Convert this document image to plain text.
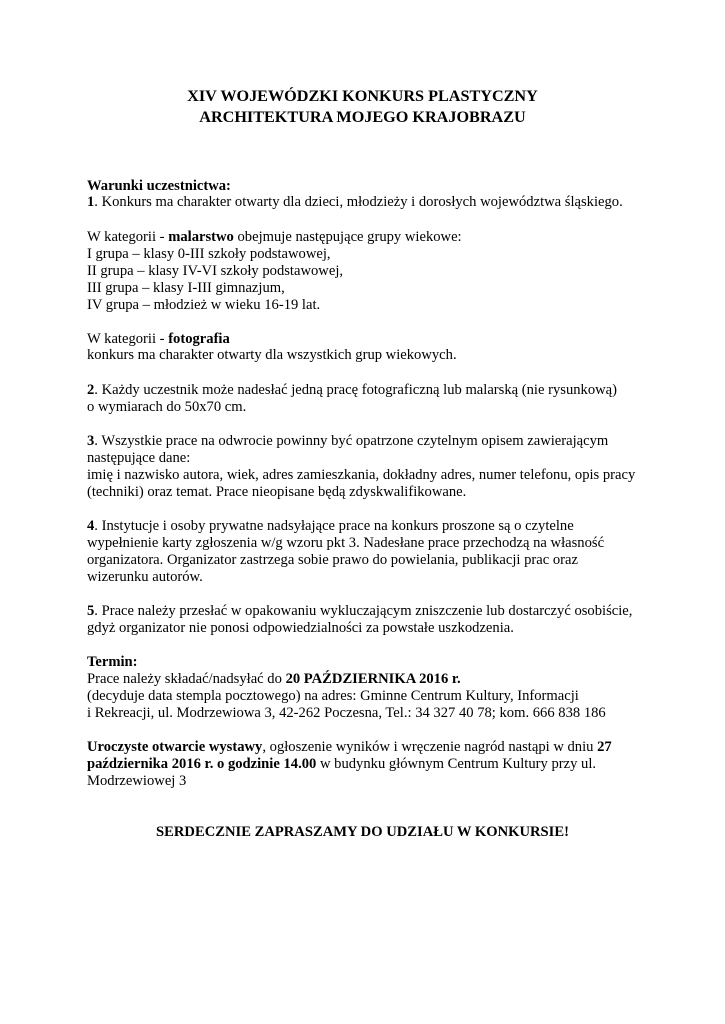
XIV WOJEWÓDZKI KONKURS PLASTYCZNY
ARCHITEKTURA MOJEGO KRAJOBRAZU
Warunki uczestnictwa:
1. Konkurs ma charakter otwarty dla dzieci, młodzieży i dorosłych województwa śląskiego.
W kategorii - malarstwo obejmuje następujące grupy wiekowe:
I grupa – klasy 0-III szkoły podstawowej,
II grupa – klasy IV-VI szkoły podstawowej,
III grupa – klasy I-III gimnazjum,
IV grupa – młodzież w wieku 16-19 lat.
W kategorii - fotografia
konkurs ma charakter otwarty dla wszystkich grup wiekowych.
2. Każdy uczestnik może nadesłać jedną pracę fotograficzną lub malarską (nie rysunkową)
o wymiarach do 50x70 cm.
3. Wszystkie prace na odwrocie powinny być opatrzone czytelnym opisem zawierającym
następujące dane:
imię i nazwisko autora, wiek, adres zamieszkania, dokładny adres, numer telefonu, opis pracy
(techniki) oraz temat. Prace nieopisane będą zdyskwalifikowane.
4. Instytucje i osoby prywatne nadsyłające prace na konkurs proszone są o czytelne
wypełnienie karty zgłoszenia w/g wzoru pkt 3. Nadesłane prace przechodzą na własność
organizatora. Organizator zastrzega sobie prawo do powielania, publikacji prac oraz
wizerunku autorów.
5. Prace należy przesłać w opakowaniu wykluczającym zniszczenie lub dostarczyć osobiście,
gdyż organizator nie ponosi odpowiedzialności za powstałe uszkodzenia.
Termin:
Prace należy składać/nadsyłać do 20 PAŹDZIERNIKA 2016 r.
(decyduje data stempla pocztowego) na adres: Gminne Centrum Kultury, Informacji
i Rekreacji, ul. Modrzewiowa 3, 42-262 Poczesna, Tel.: 34 327 40 78; kom. 666 838 186
Uroczyste otwarcie wystawy, ogłoszenie wyników i wręczenie nagród nastąpi w dniu 27
października 2016 r. o godzinie 14.00 w budynku głównym Centrum Kultury przy ul.
Modrzewiowej 3
SERDECZNIE ZAPRASZAMY DO UDZIAŁU W KONKURSIE!
